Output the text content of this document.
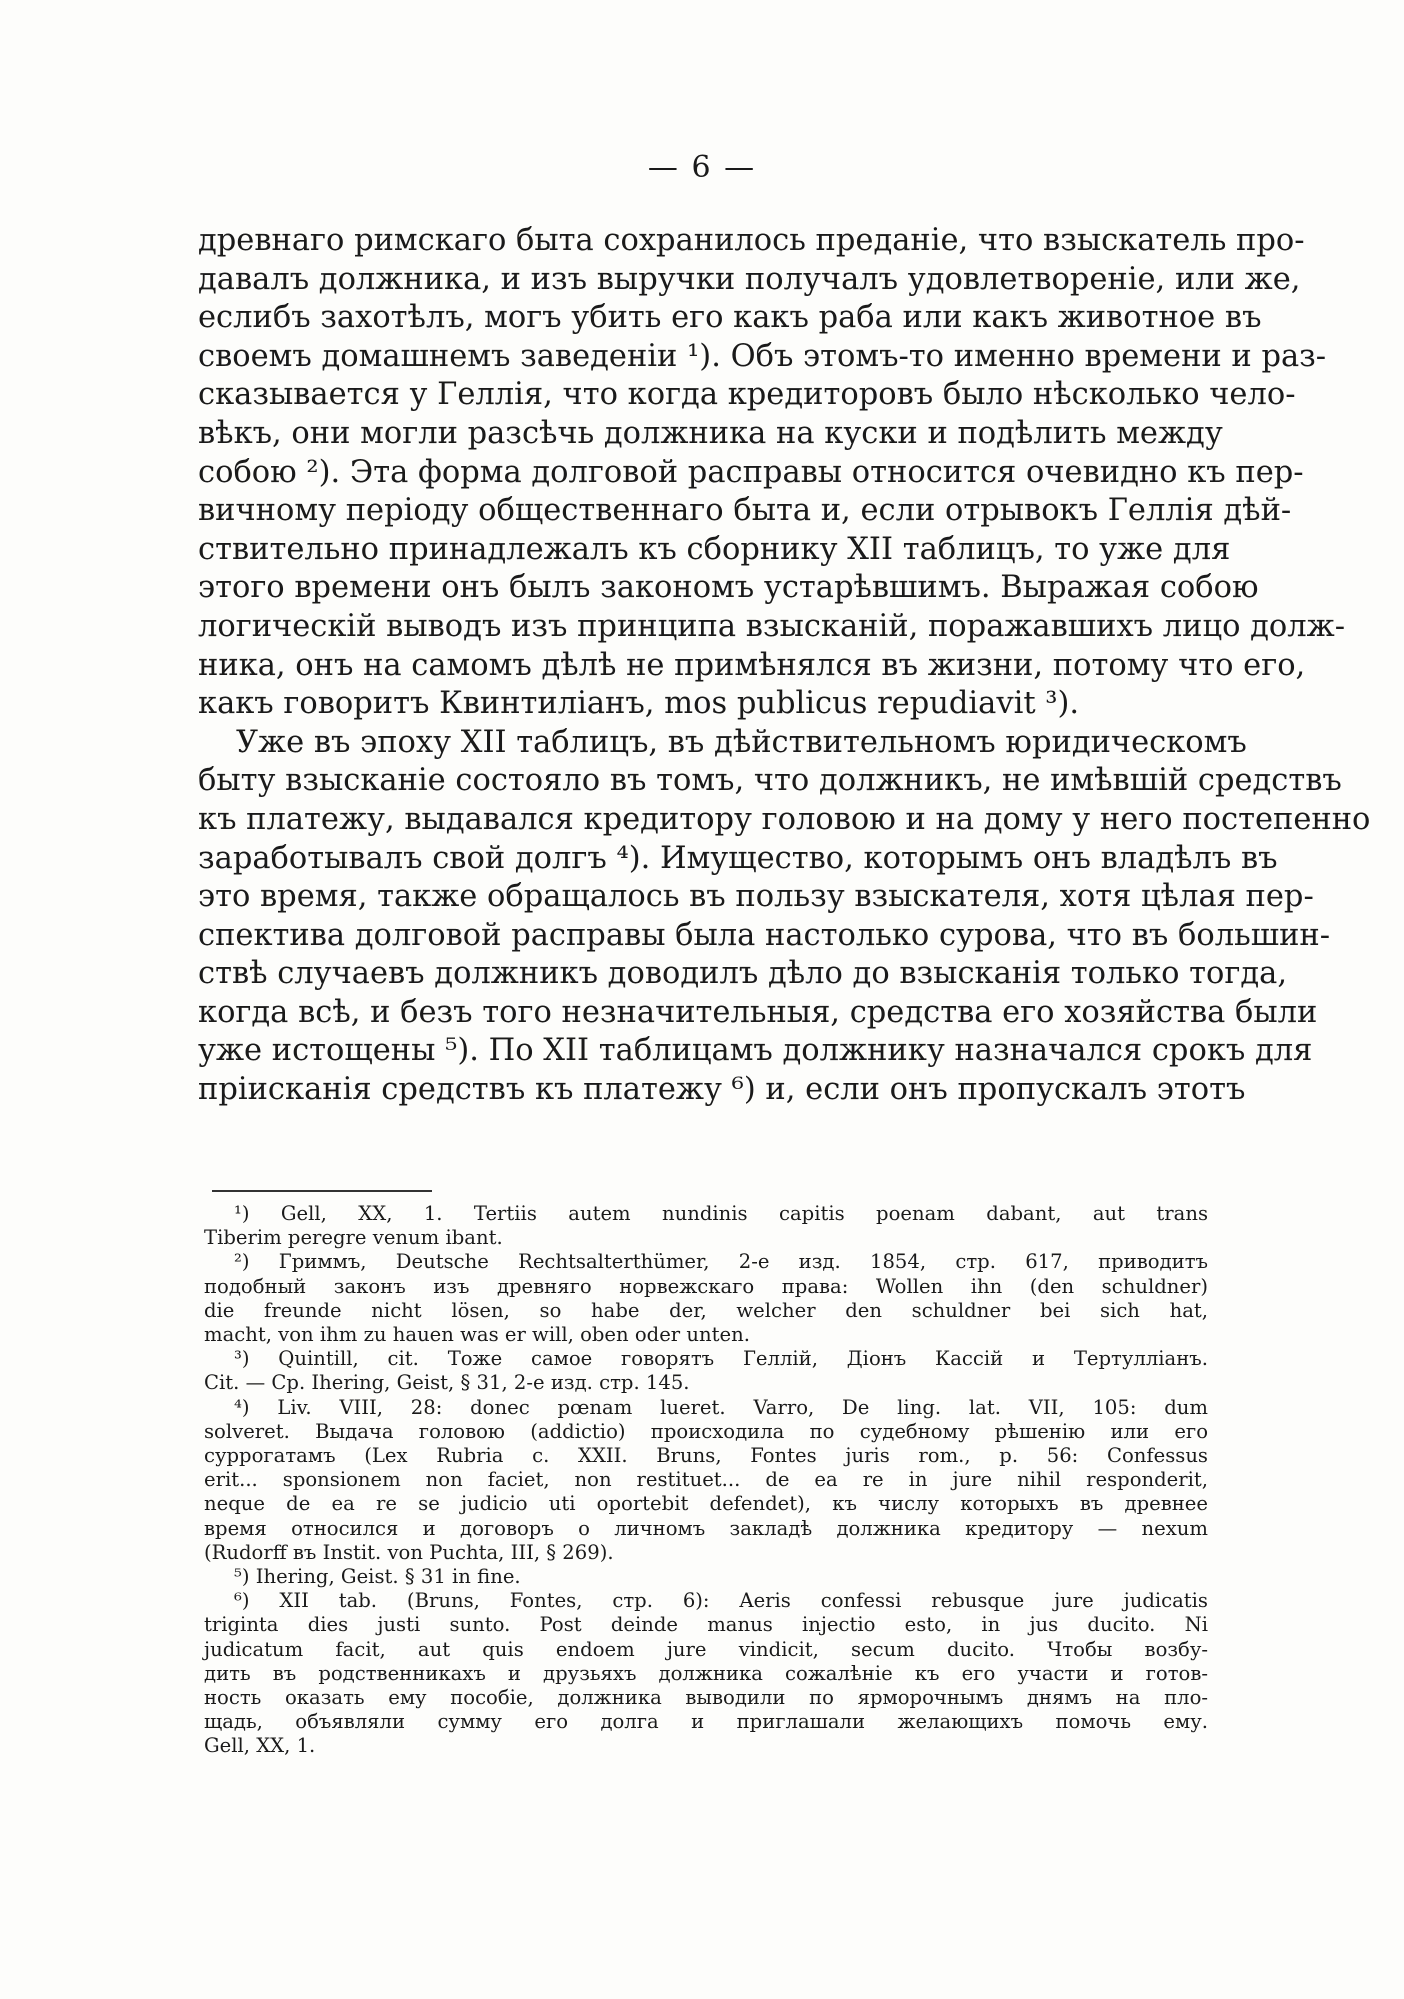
— 6 —
древнаго римскаго быта сохранилось преданіе, что взыскатель про-
давалъ должника, и изъ выручки получалъ удовлетвореніе, или же,
еслибъ захотѣлъ, могъ убить его какъ раба или какъ животное въ
своемъ домашнемъ заведеніи ¹). Объ этомъ-то именно времени и раз-
сказывается у Геллія, что когда кредиторовъ было нѣсколько чело-
вѣкъ, они могли разсѣчь должника на куски и подѣлить между
собою ²). Эта форма долговой расправы относится очевидно къ пер-
вичному періоду общественнаго быта и, если отрывокъ Геллія дѣй-
ствительно принадлежалъ къ сборнику XII таблицъ, то уже для
этого времени онъ былъ закономъ устарѣвшимъ. Выражая собою
логическій выводъ изъ принципа взысканій, поражавшихъ лицо долж-
ника, онъ на самомъ дѣлѣ не примѣнялся въ жизни, потому что его,
какъ говоритъ Квинтиліанъ, mos publicus repudiavit ³).
Уже въ эпоху XII таблицъ, въ дѣйствительномъ юридическомъ
быту взысканіе состояло въ томъ, что должникъ, не имѣвшій средствъ
къ платежу, выдавался кредитору головою и на дому у него постепенно
заработывалъ свой долгъ ⁴). Имущество, которымъ онъ владѣлъ въ
это время, также обращалось въ пользу взыскателя, хотя цѣлая пер-
спектива долговой расправы была настолько сурова, что въ большин-
ствѣ случаевъ должникъ доводилъ дѣло до взысканія только тогда,
когда всѣ, и безъ того незначительныя, средства его хозяйства были
уже истощены ⁵). По XII таблицамъ должнику назначался срокъ для
прiисканія средствъ къ платежу ⁶) и, если онъ пропускалъ этотъ
¹) Gell, XX, 1. Tertiis autem nundinis capitis poenam dabant, aut trans
Tiberim peregre venum ibant.
²) Гриммъ, Deutsche Rechtsalterthümer, 2-е изд. 1854, стр. 617, приводитъ
подобный законъ изъ древняго норвежскаго права: Wollen ihn (den schuldner)
die freunde nicht lösen, so habe der, welcher den schuldner bei sich hat,
macht, von ihm zu hauen was er will, oben oder unten.
³) Quintill, cit. Тоже самое говорятъ Геллій, Діонъ Кассій и Тертулліанъ.
Cit. — Ср. Ihering, Geist, § 31, 2-е изд. стр. 145.
⁴) Liv. VIII, 28: donec pœnam lueret. Varro, De ling. lat. VII, 105: dum
solveret. Выдача головою (addictio) происходила по судебному рѣшенію или его
суррогатамъ (Lex Rubria c. XXII. Bruns, Fontes juris rom., p. 56: Confessus
erit... sponsionem non faciet, non restituet... de ea re in jure nihil responderit,
neque de ea re se judicio uti oportebit defendet), къ числу которыхъ въ древнее
время относился и договоръ о личномъ закладѣ должника кредитору — nexum
(Rudorff въ Instit. von Puchta, III, § 269).
⁵) Ihering, Geist. § 31 in fine.
⁶) XII tab. (Bruns, Fontes, стр. 6): Aeris confessi rebusque jure judicatis
triginta dies justi sunto. Post deinde manus injectio esto, in jus ducito. Ni
judicatum facit, aut quis endoem jure vindicit, secum ducito. Чтобы возбу-
дить въ родственникахъ и друзьяхъ должника сожалѣніе къ его участи и готов-
ность оказать ему пособіе, должника выводили по ярморочнымъ днямъ на пло-
щадь, объявляли сумму его долга и приглашали желающихъ помочь ему.
Gell, XX, 1.
